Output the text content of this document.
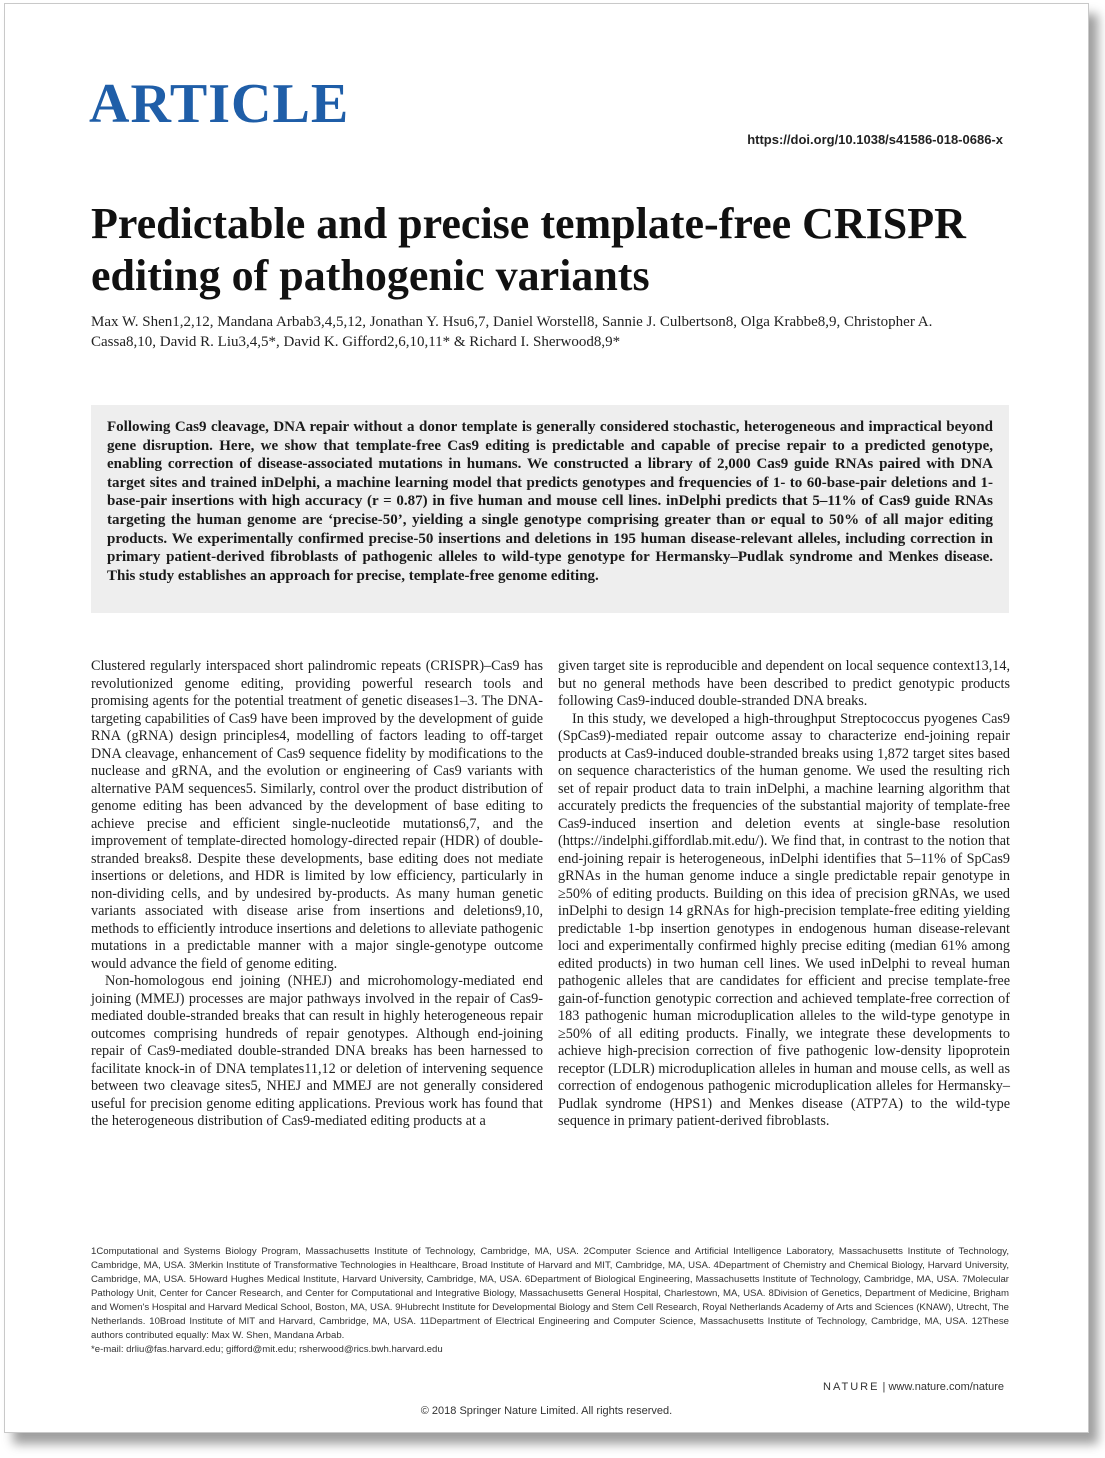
ARTICLE
https://doi.org/10.1038/s41586-018-0686-x
Predictable and precise template-free CRISPR editing of pathogenic variants
Max W. Shen1,2,12, Mandana Arbab3,4,5,12, Jonathan Y. Hsu6,7, Daniel Worstell8, Sannie J. Culbertson8, Olga Krabbe8,9, Christopher A. Cassa8,10, David R. Liu3,4,5*, David K. Gifford2,6,10,11* & Richard I. Sherwood8,9*
Following Cas9 cleavage, DNA repair without a donor template is generally considered stochastic, heterogeneous and impractical beyond gene disruption. Here, we show that template-free Cas9 editing is predictable and capable of precise repair to a predicted genotype, enabling correction of disease-associated mutations in humans. We constructed a library of 2,000 Cas9 guide RNAs paired with DNA target sites and trained inDelphi, a machine learning model that predicts genotypes and frequencies of 1- to 60-base-pair deletions and 1-base-pair insertions with high accuracy (r = 0.87) in five human and mouse cell lines. inDelphi predicts that 5–11% of Cas9 guide RNAs targeting the human genome are ‘precise-50’, yielding a single genotype comprising greater than or equal to 50% of all major editing products. We experimentally confirmed precise-50 insertions and deletions in 195 human disease-relevant alleles, including correction in primary patient-derived fibroblasts of pathogenic alleles to wild-type genotype for Hermansky–Pudlak syndrome and Menkes disease. This study establishes an approach for precise, template-free genome editing.

Clustered regularly interspaced short palindromic repeats (CRISPR)–Cas9 has revolutionized genome editing, providing powerful research tools and promising agents for the potential treatment of genetic diseases1–3. The DNA-targeting capabilities of Cas9 have been improved by the development of guide RNA (gRNA) design principles4, modelling of factors leading to off-target DNA cleavage, enhancement of Cas9 sequence fidelity by modifications to the nuclease and gRNA, and the evolution or engineering of Cas9 variants with alternative PAM sequences5. Similarly, control over the product distribution of genome editing has been advanced by the development of base editing to achieve precise and efficient single-nucleotide mutations6,7, and the improvement of template-directed homology-directed repair (HDR) of double-stranded breaks8. Despite these developments, base editing does not mediate insertions or deletions, and HDR is limited by low efficiency, particularly in non-dividing cells, and by undesired by-products. As many human genetic variants associated with disease arise from insertions and deletions9,10, methods to efficiently introduce insertions and deletions to alleviate pathogenic mutations in a predictable manner with a major single-genotype outcome would advance the field of genome editing.

Non-homologous end joining (NHEJ) and microhomology-mediated end joining (MMEJ) processes are major pathways involved in the repair of Cas9-mediated double-stranded breaks that can result in highly heterogeneous repair outcomes comprising hundreds of repair genotypes. Although end-joining repair of Cas9-mediated double-stranded DNA breaks has been harnessed to facilitate knock-in of DNA templates11,12 or deletion of intervening sequence between two cleavage sites5, NHEJ and MMEJ are not generally considered useful for precision genome editing applications. Previous work has found that the heterogeneous distribution of Cas9-mediated editing products at a

given target site is reproducible and dependent on local sequence context13,14, but no general methods have been described to predict genotypic products following Cas9-induced double-stranded DNA breaks.

In this study, we developed a high-throughput Streptococcus pyogenes Cas9 (SpCas9)-mediated repair outcome assay to characterize end-joining repair products at Cas9-induced double-stranded breaks using 1,872 target sites based on sequence characteristics of the human genome. We used the resulting rich set of repair product data to train inDelphi, a machine learning algorithm that accurately predicts the frequencies of the substantial majority of template-free Cas9-induced insertion and deletion events at single-base resolution (https://indelphi.giffordlab.mit.edu/). We find that, in contrast to the notion that end-joining repair is heterogeneous, inDelphi identifies that 5–11% of SpCas9 gRNAs in the human genome induce a single predictable repair genotype in ≥50% of editing products. Building on this idea of precision gRNAs, we used inDelphi to design 14 gRNAs for high-precision template-free editing yielding predictable 1-bp insertion genotypes in endogenous human disease-relevant loci and experimentally confirmed highly precise editing (median 61% among edited products) in two human cell lines. We used inDelphi to reveal human pathogenic alleles that are candidates for efficient and precise template-free gain-of-function genotypic correction and achieved template-free correction of 183 pathogenic human microduplication alleles to the wild-type genotype in ≥50% of all editing products. Finally, we integrate these developments to achieve high-precision correction of five pathogenic low-density lipoprotein receptor (LDLR) microduplication alleles in human and mouse cells, as well as correction of endogenous pathogenic microduplication alleles for Hermansky–Pudlak syndrome (HPS1) and Menkes disease (ATP7A) to the wild-type sequence in primary patient-derived fibroblasts.

1Computational and Systems Biology Program, Massachusetts Institute of Technology, Cambridge, MA, USA. 2Computer Science and Artificial Intelligence Laboratory, Massachusetts Institute of Technology, Cambridge, MA, USA. 3Merkin Institute of Transformative Technologies in Healthcare, Broad Institute of Harvard and MIT, Cambridge, MA, USA. 4Department of Chemistry and Chemical Biology, Harvard University, Cambridge, MA, USA. 5Howard Hughes Medical Institute, Harvard University, Cambridge, MA, USA. 6Department of Biological Engineering, Massachusetts Institute of Technology, Cambridge, MA, USA. 7Molecular Pathology Unit, Center for Cancer Research, and Center for Computational and Integrative Biology, Massachusetts General Hospital, Charlestown, MA, USA. 8Division of Genetics, Department of Medicine, Brigham and Women's Hospital and Harvard Medical School, Boston, MA, USA. 9Hubrecht Institute for Developmental Biology and Stem Cell Research, Royal Netherlands Academy of Arts and Sciences (KNAW), Utrecht, The Netherlands. 10Broad Institute of MIT and Harvard, Cambridge, MA, USA. 11Department of Electrical Engineering and Computer Science, Massachusetts Institute of Technology, Cambridge, MA, USA. 12These authors contributed equally: Max W. Shen, Mandana Arbab.
*e-mail: drliu@fas.harvard.edu; gifford@mit.edu; rsherwood@rics.bwh.harvard.edu
NATURE | www.nature.com/nature
© 2018 Springer Nature Limited. All rights reserved.
